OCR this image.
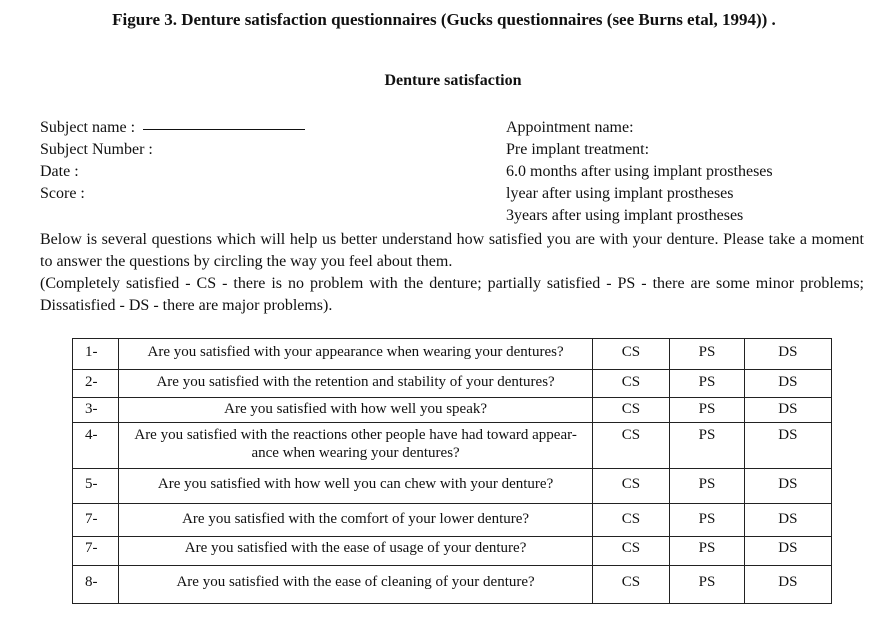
Figure 3. Denture satisfaction questionnaires (Gucks questionnaires (see Burns etal, 1994)) .
Denture satisfaction
Subject name :
Subject Number :
Date :
Score :
Appointment name:
Pre implant treatment:
6.0 months after using implant prostheses
lyear after using implant prostheses
3years after using implant prostheses
Below is several questions which will help us better understand how satisfied you are with your denture. Please take a moment to answer the questions by circling the way you feel about them.
(Completely satisfied - CS - there is no problem with the denture; partially satisfied - PS - there are some minor problems; Dissatisfied - DS - there are major problems).
1-	Are you satisfied with your appearance when wearing your dentures?	CS	PS	DS
2-	Are you satisfied with the retention and stability of your dentures?	CS	PS	DS
3-	Are you satisfied with how well you speak?	CS	PS	DS
4-	Are you satisfied with the reactions other people have had toward appear-ance when wearing your dentures?	CS	PS	DS
5-	Are you satisfied with how well you can chew with your denture?	CS	PS	DS
7-	Are you satisfied with the comfort of your lower denture?	CS	PS	DS
7-	Are you satisfied with the ease of usage of your denture?	CS	PS	DS
8-	Are you satisfied with the ease of cleaning of your denture?	CS	PS	DS
